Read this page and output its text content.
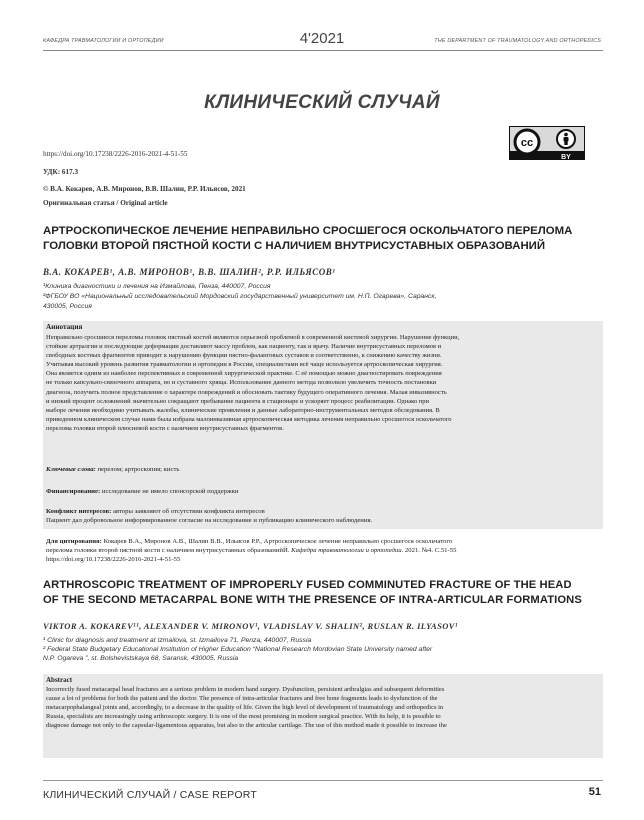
КАФЕДРА ТРАВМАТОЛОГИИ И ОРТОПЕДИИ	4'2021	THE DEPARTMENT OF TRAUMATOLOGY AND ORTHOPEDICS
КЛИНИЧЕСКИЙ СЛУЧАЙ
cc
BY
https://doi.org/10.17238/2226-2016-2021-4-51-55
УДК: 617.3
© В.А. Кокарев, А.В. Миронов, В.В. Шалин, Р.Р. Ильясов, 2021
Оригинальная статья / Original article
АРТРОСКОПИЧЕСКОЕ ЛЕЧЕНИЕ НЕПРАВИЛЬНО СРОСШЕГОСЯ ОСКОЛЬЧАТОГО ПЕРЕЛОМА
ГОЛОВКИ ВТОРОЙ ПЯСТНОЙ КОСТИ С НАЛИЧИЕМ ВНУТРИСУСТАВНЫХ ОБРАЗОВАНИЙ
В.А. КОКАРЕВ¹, А.В. МИРОНОВ¹, В.В. ШАЛИН², Р.Р. ИЛЬЯСОВ¹
¹Клиника диагностики и лечения на Измайлова, Пенза, 440007, Россия
²ФГБОУ ВО «Национальный исследовательский Мордовский государственный университет им. Н.П. Огарева», Саранск,
430005, Россия
Аннотация
Неправильно сросшиеся переломы головок пястный костей являются серьезной проблемой в современной кистевой хирургии. Нарушение функции,
стойкие артралгии и последующие деформации доставляют массу проблем, как пациенту, так и врачу. Наличие внутрисуставных переломов и
свободных костных фрагментов приводит к нарушению функции пястно-фаланговых суставов и соответственно, к снижению качеству жизни.
Учитывая высокий уровень развития травматологии и ортопедии в России, специалистами всё чаще используется артроскопическая хирургия.
Она является одним из наиболее перспективных в современной хирургической практике. С её помощью можно диагностировать повреждения
не только капсульно-связочного аппарата, но и суставного хряща. Использование данного метода позволило увеличить точность постановки
диагноза, получить полное представление о характере повреждений и обосновать тактику будущего оперативного лечения. Малая инвазивность
и низкий процент осложнений значительно сокращают пребывание пациента в стационаре и ускоряет процесс реабилитации. Однако при
выборе лечения необходимо учитывать жалобы, клинические проявления и данные лабораторно-инструментальных методов обследования. В
приведенном клиническом случае нами была избрана малоинвазивная артроскопическая методика лечения неправильно сросшегося оскольчатого
перелома головки второй плюсневой кости с наличием внутрисуставных фрагментов.
Ключевые слова: перелом; артроскопия; кисть
Финансирование: исследование не имело спонсорской поддержки
Конфликт интересов: авторы заявляют об отсутствии конфликта интересов
Пациент дал добровольное информированное согласие на исследование и публикацию клинического наблюдения.
Для цитирования: Кокарев В.А., Миронов А.В., Шалин В.В., Ильясов Р.Р., Артроскопическое лечение неправильно сросшегося оскольчатого
перелома головки второй пястной кости с наличием внутрисуставных образованийЙ. Кафедра травматологии и ортопедии. 2021. №4. С.51-55
https://doi.org/10.17238/2226-2016-2021-4-51-55
ARTHROSCOPIC TREATMENT OF IMPROPERLY FUSED COMMINUTED FRACTURE OF THE HEAD
OF THE SECOND METACARPAL BONE WITH THE PRESENCE OF INTRA-ARTICULAR FORMATIONS
VIKTOR A. KOKAREV¹¹, ALEXANDER V. MIRONOV¹, VLADISLAV V. SHALIN², RUSLAN R. ILYASOV¹
¹ Clinic for diagnosis and treatment at Izmailova, st. Izmailova 71, Penza, 440007, Russia
² Federal State Budgetary Educational Institution of Higher Education “National Research Mordovian State University named after
N.P. Ogareva ”, st. Bolshevistskaya 68, Saransk, 430005, Russia
Abstract
Incorrectly fused metacarpal head fractures are a serious problem in modern hand surgery. Dysfunction, persistent arthralgias and subsequent deformities
cause a lot of problems for both the patient and the doctor. The presence of intra-articular fractures and free bone fragments leads to dysfunction of the
metacarpophalangeal joints and, accordingly, to a decrease in the quality of life. Given the high level of development of traumatology and orthopedics in
Russia, specialists are increasingly using arthroscopic surgery. It is one of the most promising in modern surgical practice. With its help, it is possible to
diagnose damage not only to the capsular-ligamentous apparatus, but also to the articular cartilage. The use of this method made it possible to increase the
КЛИНИЧЕСКИЙ СЛУЧАЙ / CASE REPORT	51
